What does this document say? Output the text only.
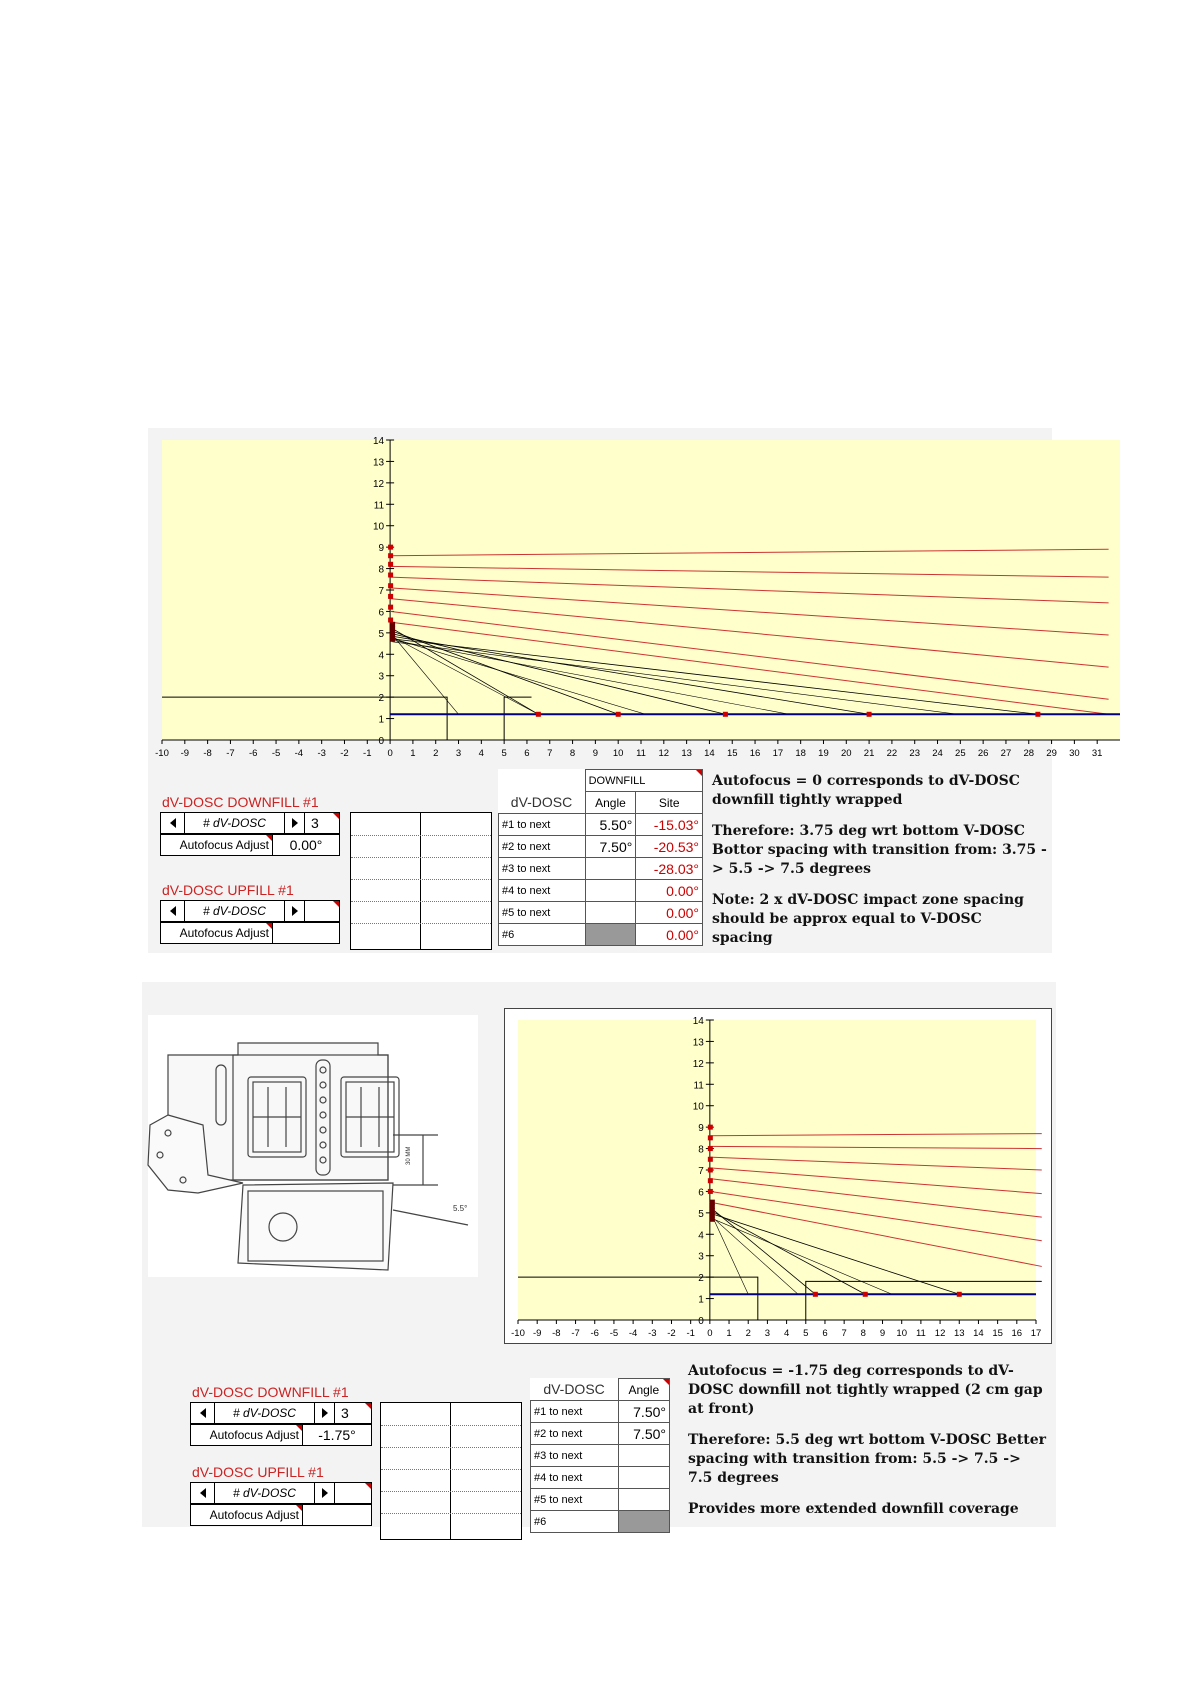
0
1
2
3
4
5
6
7
8
9
10
11
12
13
14
-10 -9 -8 -7 -6 -5 -4 -3 -2 -1 0 1 2 3 4 5 6 7 8 9 10 11 12 13 14 15 16 17 18 19 20 21 22 23 24 25 26 27 28 29 30 31
dV-DOSC DOWNFILL #1
# dV-DOSC	3
Autofocus Adjust	0.00°
dV-DOSC UPFILL #1
# dV-DOSC
Autofocus Adjust
	DOWNFILL	
dV-DOSC	Angle	Site
#1 to next	5.50°	-15.03°
#2 to next	7.50°	-20.53°
#3 to next		-28.03°
#4 to next		0.00°
#5 to next		0.00°
#6		0.00°

Autofocus = 0 corresponds to dV-DOSC downfill tightly wrapped

Therefore: 3.75 deg wrt bottom V-DOSC Bottor spacing with transition from: 3.75 -> 5.5 -> 7.5 degrees

Note: 2 x dV-DOSC impact zone spacing should be approx equal to V-DOSC spacing

30 MM
5.5°
0
1
2
3
4
5
6
7
8
9
10
11
12
13
14
-10 -9 -8 -7 -6 -5 -4 -3 -2 -1 0 1 2 3 4 5 6 7 8 9 10 11 12 13 14 15 16 17
dV-DOSC DOWNFILL #1
# dV-DOSC	3
Autofocus Adjust	-1.75°
dV-DOSC UPFILL #1
# dV-DOSC
Autofocus Adjust
dV-DOSC	Angle
#1 to next	7.50°
#2 to next	7.50°
#3 to next	
#4 to next	
#5 to next	
#6	

Autofocus = -1.75 deg corresponds to dV-DOSC downfill not tightly wrapped (2 cm gap at front)

Therefore: 5.5 deg wrt bottom V-DOSC Better spacing with transition from: 5.5 -> 7.5 -> 7.5 degrees

Provides more extended downfill coverage
